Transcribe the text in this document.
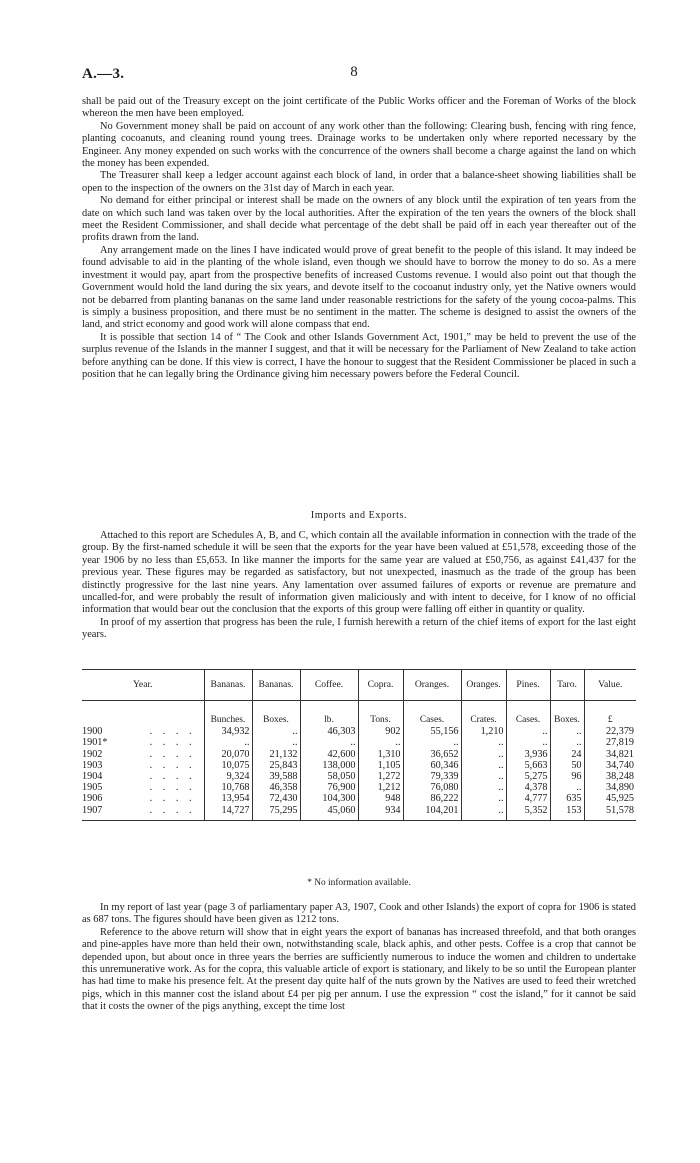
A.—3.	8

shall be paid out of the Treasury except on the joint certificate of the Public Works officer and the Foreman of Works of the block whereon the men have been employed.

No Government money shall be paid on account of any work other than the following: Clearing bush, fencing with ring fence, planting cocoanuts, and cleaning round young trees. Drainage works to be undertaken only where reported necessary by the Engineer. Any money expended on such works with the concurrence of the owners shall become a charge against the land on which the money has been expended.

The Treasurer shall keep a ledger account against each block of land, in order that a balance-sheet showing liabilities shall be open to the inspection of the owners on the 31st day of March in each year.

No demand for either principal or interest shall be made on the owners of any block until the expiration of ten years from the date on which such land was taken over by the local authorities. After the expiration of the ten years the owners of the block shall meet the Resident Commissioner, and shall decide what percentage of the debt shall be paid off in each year thereafter out of the profits drawn from the land.

Any arrangement made on the lines I have indicated would prove of great benefit to the people of this island. It may indeed be found advisable to aid in the planting of the whole island, even though we should have to borrow the money to do so. As a mere investment it would pay, apart from the prospective benefits of increased Customs revenue. I would also point out that though the Government would hold the land during the six years, and devote itself to the cocoanut industry only, yet the Native owners would not be debarred from planting bananas on the same land under reasonable restrictions for the safety of the young cocoa-palms. This is simply a business proposition, and there must be no sentiment in the matter. The scheme is designed to assist the owners of the land, and strict economy and good work will alone compass that end.

It is possible that section 14 of “ The Cook and other Islands Government Act, 1901,” may be held to prevent the use of the surplus revenue of the Islands in the manner I suggest, and that it will be necessary for the Parliament of New Zealand to take action before anything can be done. If this view is correct, I have the honour to suggest that the Resident Commissioner be placed in such a position that he can legally bring the Ordinance giving him necessary powers before the Federal Council.

Imports and Exports.

Attached to this report are Schedules A, B, and C, which contain all the available information in connection with the trade of the group. By the first-named schedule it will be seen that the exports for the year have been valued at £51,578, exceeding those of the year 1906 by no less than £5,653. In like manner the imports for the same year are valued at £50,756, as against £41,437 for the previous year. These figures may be regarded as satisfactory, but not unexpected, inasmuch as the trade of the group has been distinctly progressive for the last nine years. Any lamentation over assumed failures of exports or revenue are premature and uncalled-for, and were probably the result of information given maliciously and with intent to deceive, for I know of no official information that would bear out the conclusion that the exports of this group were falling off either in quantity or quality.

In proof of my assertion that progress has been the rule, I furnish herewith a return of the chief items of export for the last eight years.

Year.	Bananas.	Bananas.	Coffee.	Copra.	Oranges.	Oranges.	Pines.	Taro.	Value.
	Bunches.	Boxes.	lb.	Tons.	Cases.	Crates.	Cases.	Boxes.	£
1900 . . . .	34,932	..	46,303	902	55,156	1,210	..	..	22,379
1901* . . . .	..	..	..	..	..	..	..	..	27,819
1902 . . . .	20,070	21,132	42,600	1,310	36,652	..	3,936	24	34,821
1903 . . . .	10,075	25,843	138,000	1,105	60,346	..	5,663	50	34,740
1904 . . . .	9,324	39,588	58,050	1,272	79,339	..	5,275	96	38,248
1905 . . . .	10,768	46,358	76,900	1,212	76,080	..	4,378	..	34,890
1906 . . . .	13,954	72,430	104,300	948	86,222	..	4,777	635	45,925
1907 . . . .	14,727	75,295	45,060	934	104,201	..	5,352	153	51,578
* No information available.

In my report of last year (page 3 of parliamentary paper A3, 1907, Cook and other Islands) the export of copra for 1906 is stated as 687 tons. The figures should have been given as 1212 tons.

Reference to the above return will show that in eight years the export of bananas has increased threefold, and that both oranges and pine-apples have more than held their own, notwithstanding scale, black aphis, and other pests. Coffee is a crop that cannot be depended upon, but about once in three years the berries are sufficiently numerous to induce the women and children to undertake this unremunerative work. As for the copra, this valuable article of export is stationary, and likely to be so until the European planter has had time to make his presence felt. At the present day quite half of the nuts grown by the Natives are used to feed their wretched pigs, which in this manner cost the island about £4 per pig per annum. I use the expression “ cost the island,” for it cannot be said that it costs the owner of the pigs anything, except the time lost
